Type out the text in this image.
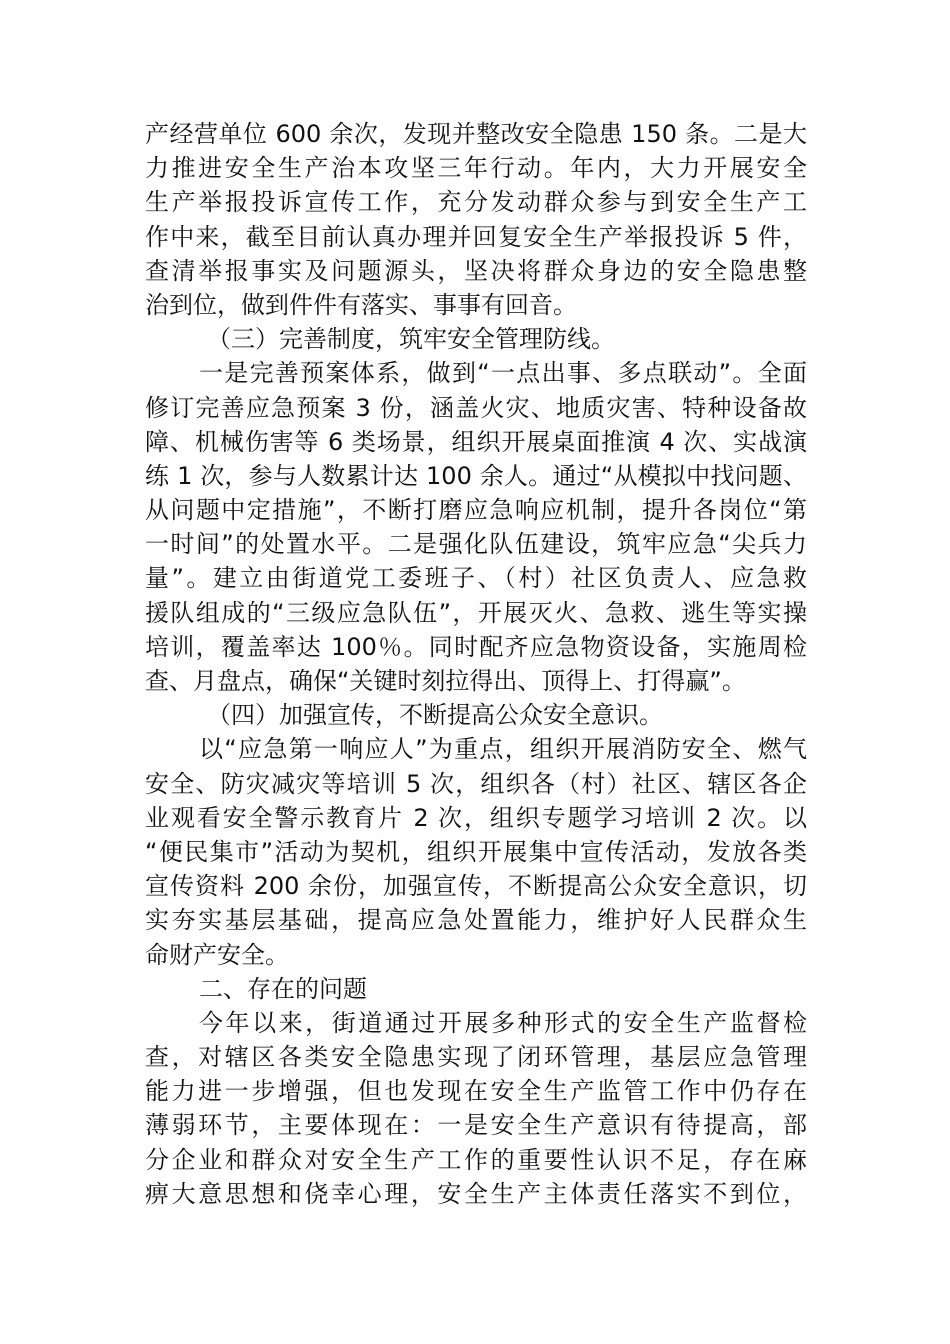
产经营单位 600 余次，发现并整改安全隐患 150 条。二是大
力推进安全生产治本攻坚三年行动。年内，大力开展安全
生产举报投诉宣传工作，充分发动群众参与到安全生产工
作中来，截至目前认真办理并回复安全生产举报投诉 5 件，
查清举报事实及问题源头，坚决将群众身边的安全隐患整
治到位，做到件件有落实、事事有回音。
（三）完善制度，筑牢安全管理防线。
一是完善预案体系，做到“一点出事、多点联动”。全面
修订完善应急预案 3 份，涵盖火灾、地质灾害、特种设备故
障、机械伤害等 6 类场景，组织开展桌面推演 4 次、实战演
练 1 次，参与人数累计达 100 余人。通过“从模拟中找问题、
从问题中定措施”，不断打磨应急响应机制，提升各岗位“第
一时间”的处置水平。二是强化队伍建设，筑牢应急“尖兵力
量”。建立由街道党工委班子、（村）社区负责人、应急救
援队组成的“三级应急队伍”，开展灭火、急救、逃生等实操
培训，覆盖率达 100％。同时配齐应急物资设备，实施周检
查、月盘点，确保“关键时刻拉得出、顶得上、打得赢”。
（四）加强宣传，不断提高公众安全意识。
以“应急第一响应人”为重点，组织开展消防安全、燃气
安全、防灾减灾等培训 5 次，组织各（村）社区、辖区各企
业观看安全警示教育片 2 次，组织专题学习培训 2 次。以
“便民集市”活动为契机，组织开展集中宣传活动，发放各类
宣传资料 200 余份，加强宣传，不断提高公众安全意识，切
实夯实基层基础，提高应急处置能力，维护好人民群众生
命财产安全。
二、存在的问题
今年以来，街道通过开展多种形式的安全生产监督检
查，对辖区各类安全隐患实现了闭环管理，基层应急管理
能力进一步增强，但也发现在安全生产监管工作中仍存在
薄弱环节，主要体现在：一是安全生产意识有待提高，部
分企业和群众对安全生产工作的重要性认识不足，存在麻
痹大意思想和侥幸心理，安全生产主体责任落实不到位，
